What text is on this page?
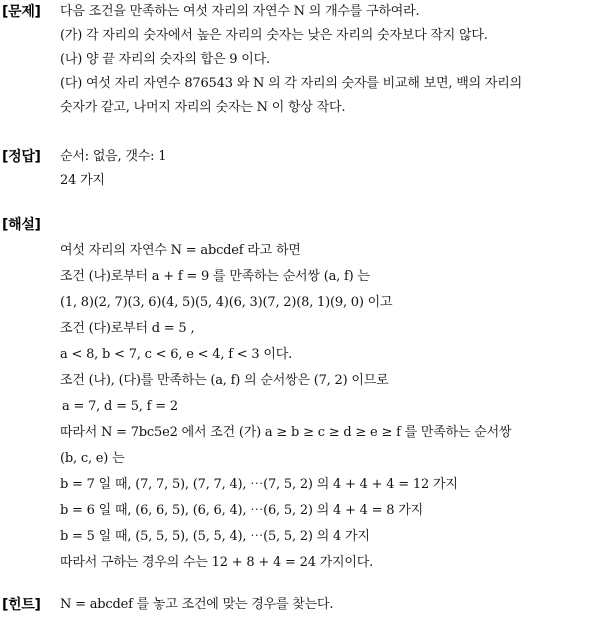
[문제] 다음 조건을 만족하는 여섯 자리의 자연수 N 의 개수를 구하여라.
(가) 각 자리의 숫자에서 높은 자리의 숫자는 낮은 자리의 숫자보다 작지 않다.
(나) 양 끝 자리의 숫자의 합은 9 이다.
(다) 여섯 자리 자연수 876543 와 N 의 각 자리의 숫자를 비교해 보면, 백의 자리의
숫자가 같고, 나머지 자리의 숫자는 N 이 항상 작다.
[정답] 순서: 없음, 갯수: 1
24 가지
[해설]
여섯 자리의 자연수 N = abcdef 라고 하면
조건 (나)로부터 a + f = 9 를 만족하는 순서쌍 (a, f) 는
(1, 8)(2, 7)(3, 6)(4, 5)(5, 4)(6, 3)(7, 2)(8, 1)(9, 0) 이고
조건 (다)로부터 d = 5 ,
a < 8, b < 7, c < 6, e < 4, f < 3 이다.
조건 (나), (다)를 만족하는 (a, f) 의 순서쌍은 (7, 2) 이므로
a = 7, d = 5, f = 2
따라서 N = 7bc5e2 에서 조건 (가) a ≥ b ≥ c ≥ d ≥ e ≥ f 를 만족하는 순서쌍
(b, c, e) 는
b = 7 일 때, (7, 7, 5), (7, 7, 4), ⋯(7, 5, 2) 의 4 + 4 + 4 = 12 가지
b = 6 일 때, (6, 6, 5), (6, 6, 4), ⋯(6, 5, 2) 의 4 + 4 = 8 가지
b = 5 일 때, (5, 5, 5), (5, 5, 4), ⋯(5, 5, 2) 의 4 가지
따라서 구하는 경우의 수는 12 + 8 + 4 = 24 가지이다.
[힌트] N = abcdef 를 놓고 조건에 맞는 경우를 찾는다.
